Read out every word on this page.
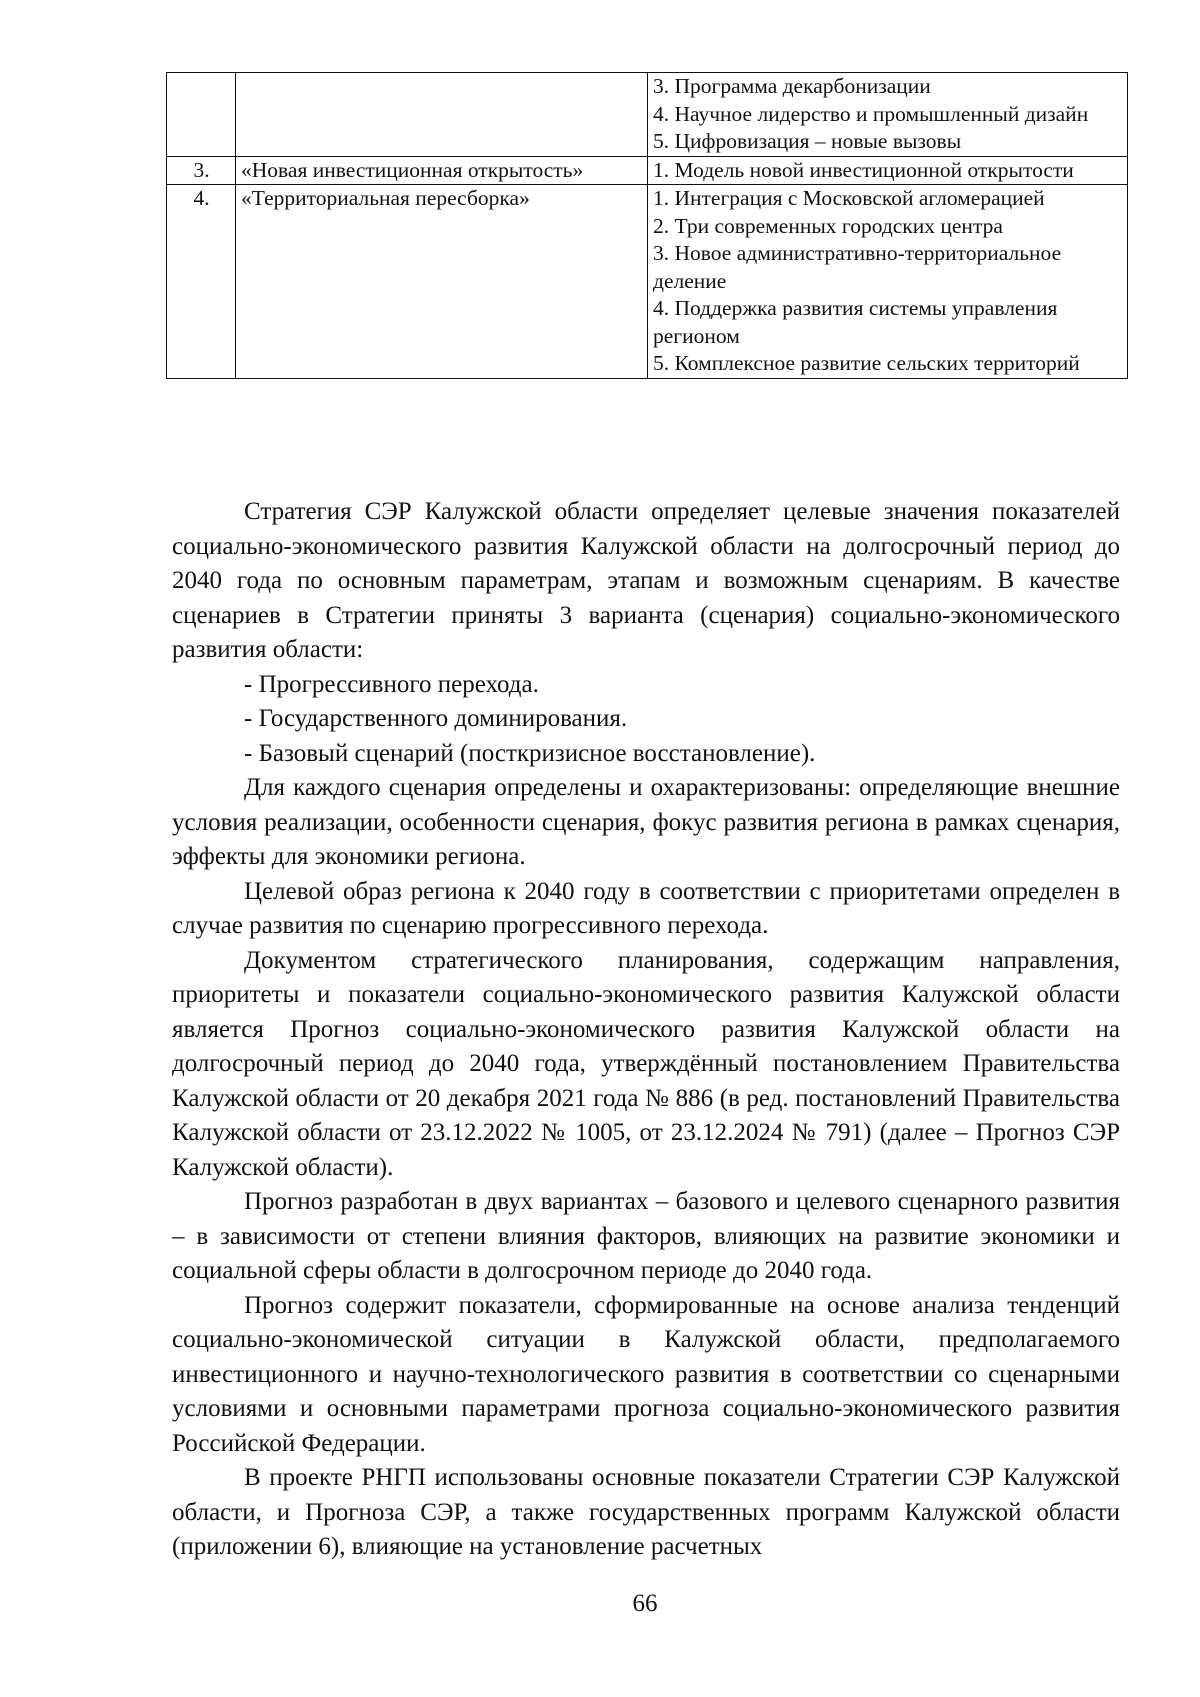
		3. Программа декарбонизации
4. Научное лидерство и промышленный дизайн
5. Цифровизация – новые вызовы

3.	«Новая инвестиционная открытость»	1. Модель новой инвестиционной открытости

4.	«Территориальная пересборка»	1. Интеграция с Московской агломерацией
2. Три современных городских центра
3. Новое административно-территориальное деление
4. Поддержка развития системы управления регионом
5. Комплексное развитие сельских территорий

Стратегия СЭР Калужской области определяет целевые значения показателей социально-экономического развития Калужской области на долгосрочный период до 2040 года по основным параметрам, этапам и возможным сценариям. В качестве сценариев в Стратегии приняты 3 варианта (сценария) социально-экономического развития области:

- Прогрессивного перехода.

- Государственного доминирования.

- Базовый сценарий (посткризисное восстановление).

Для каждого сценария определены и охарактеризованы: определяющие внешние условия реализации, особенности сценария, фокус развития региона в рамках сценария, эффекты для экономики региона.

Целевой образ региона к 2040 году в соответствии с приоритетами определен в случае развития по сценарию прогрессивного перехода.

Документом стратегического планирования, содержащим направления, приоритеты и показатели социально-экономического развития Калужской области является Прогноз социально-экономического развития Калужской области на долгосрочный период до 2040 года, утверждённый постановлением Правительства Калужской области от 20 декабря 2021 года № 886 (в ред. постановлений Правительства Калужской области от 23.12.2022 № 1005, от 23.12.2024 № 791) (далее – Прогноз СЭР Калужской области).

Прогноз разработан в двух вариантах – базового и целевого сценарного развития – в зависимости от степени влияния факторов, влияющих на развитие экономики и социальной сферы области в долгосрочном периоде до 2040 года.

Прогноз содержит показатели, сформированные на основе анализа тенденций социально-экономической ситуации в Калужской области, предполагаемого инвестиционного и научно-технологического развития в соответствии со сценарными условиями и основными параметрами прогноза социально-экономического развития Российской Федерации.

В проекте РНГП использованы основные показатели Стратегии СЭР Калужской области, и Прогноза СЭР, а также государственных программ Калужской области (приложении 6), влияющие на установление расчетных

66
